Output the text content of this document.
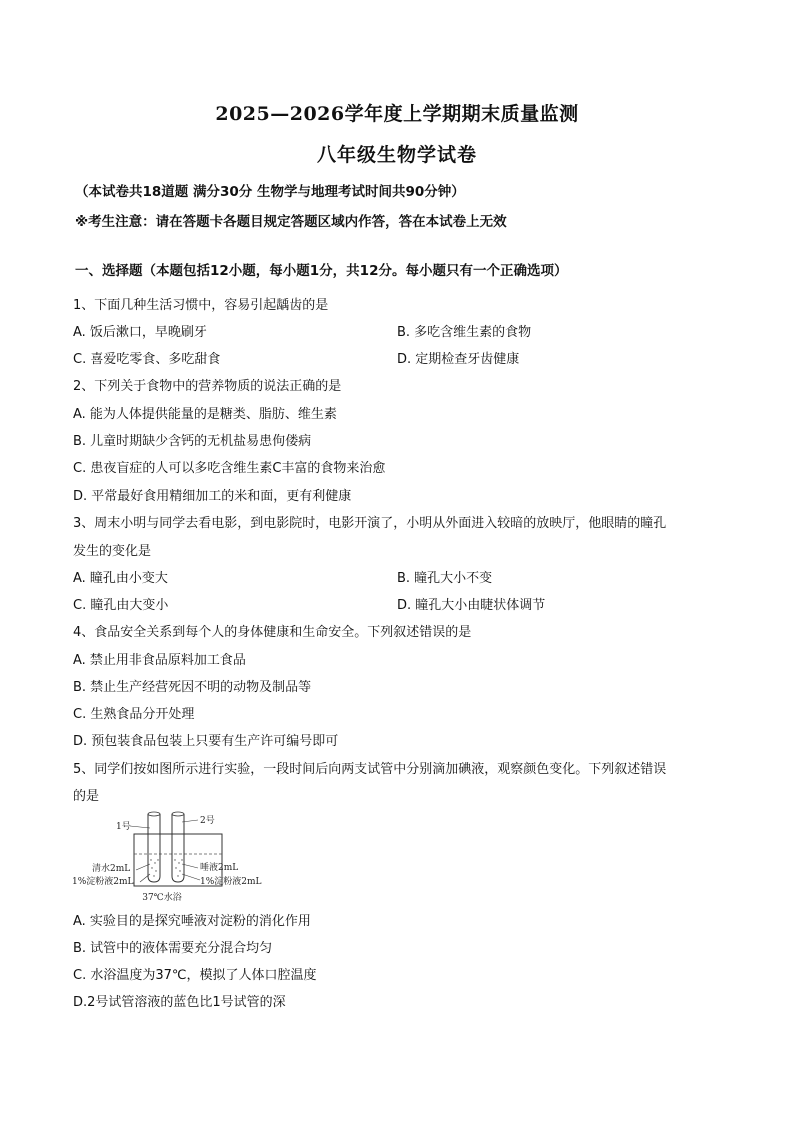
2025—2026学年度上学期期末质量监测
八年级生物学试卷
（本试卷共18道题 满分30分 生物学与地理考试时间共90分钟）
※考生注意：请在答题卡各题目规定答题区域内作答，答在本试卷上无效
一、选择题（本题包括12小题，每小题1分，共12分。每小题只有一个正确选项）
1、下面几种生活习惯中，容易引起龋齿的是
A. 饭后漱口，早晚刷牙	B. 多吃含维生素的食物
C. 喜爱吃零食、多吃甜食	D. 定期检查牙齿健康
2、下列关于食物中的营养物质的说法正确的是
A. 能为人体提供能量的是糖类、脂肪、维生素
B. 儿童时期缺少含钙的无机盐易患佝偻病
C. 患夜盲症的人可以多吃含维生素C丰富的食物来治愈
D. 平常最好食用精细加工的米和面，更有利健康
3、周末小明与同学去看电影，到电影院时，电影开演了，小明从外面进入较暗的放映厅，他眼睛的瞳孔
发生的变化是
A. 瞳孔由小变大	B. 瞳孔大小不变
C. 瞳孔由大变小	D. 瞳孔大小由睫状体调节
4、食品安全关系到每个人的身体健康和生命安全。下列叙述错误的是
A. 禁止用非食品原料加工食品
B. 禁止生产经营死因不明的动物及制品等
C. 生熟食品分开处理
D. 预包装食品包装上只要有生产许可编号即可
5、同学们按如图所示进行实验，一段时间后向两支试管中分别滴加碘液，观察颜色变化。下列叙述错误
的是
1号
2号
清水2mL
1%淀粉液2mL
唾液2mL
1%淀粉液2mL
37℃水浴
A. 实验目的是探究唾液对淀粉的消化作用
B. 试管中的液体需要充分混合均匀
C. 水浴温度为37℃，模拟了人体口腔温度
D.2号试管溶液的蓝色比1号试管的深
